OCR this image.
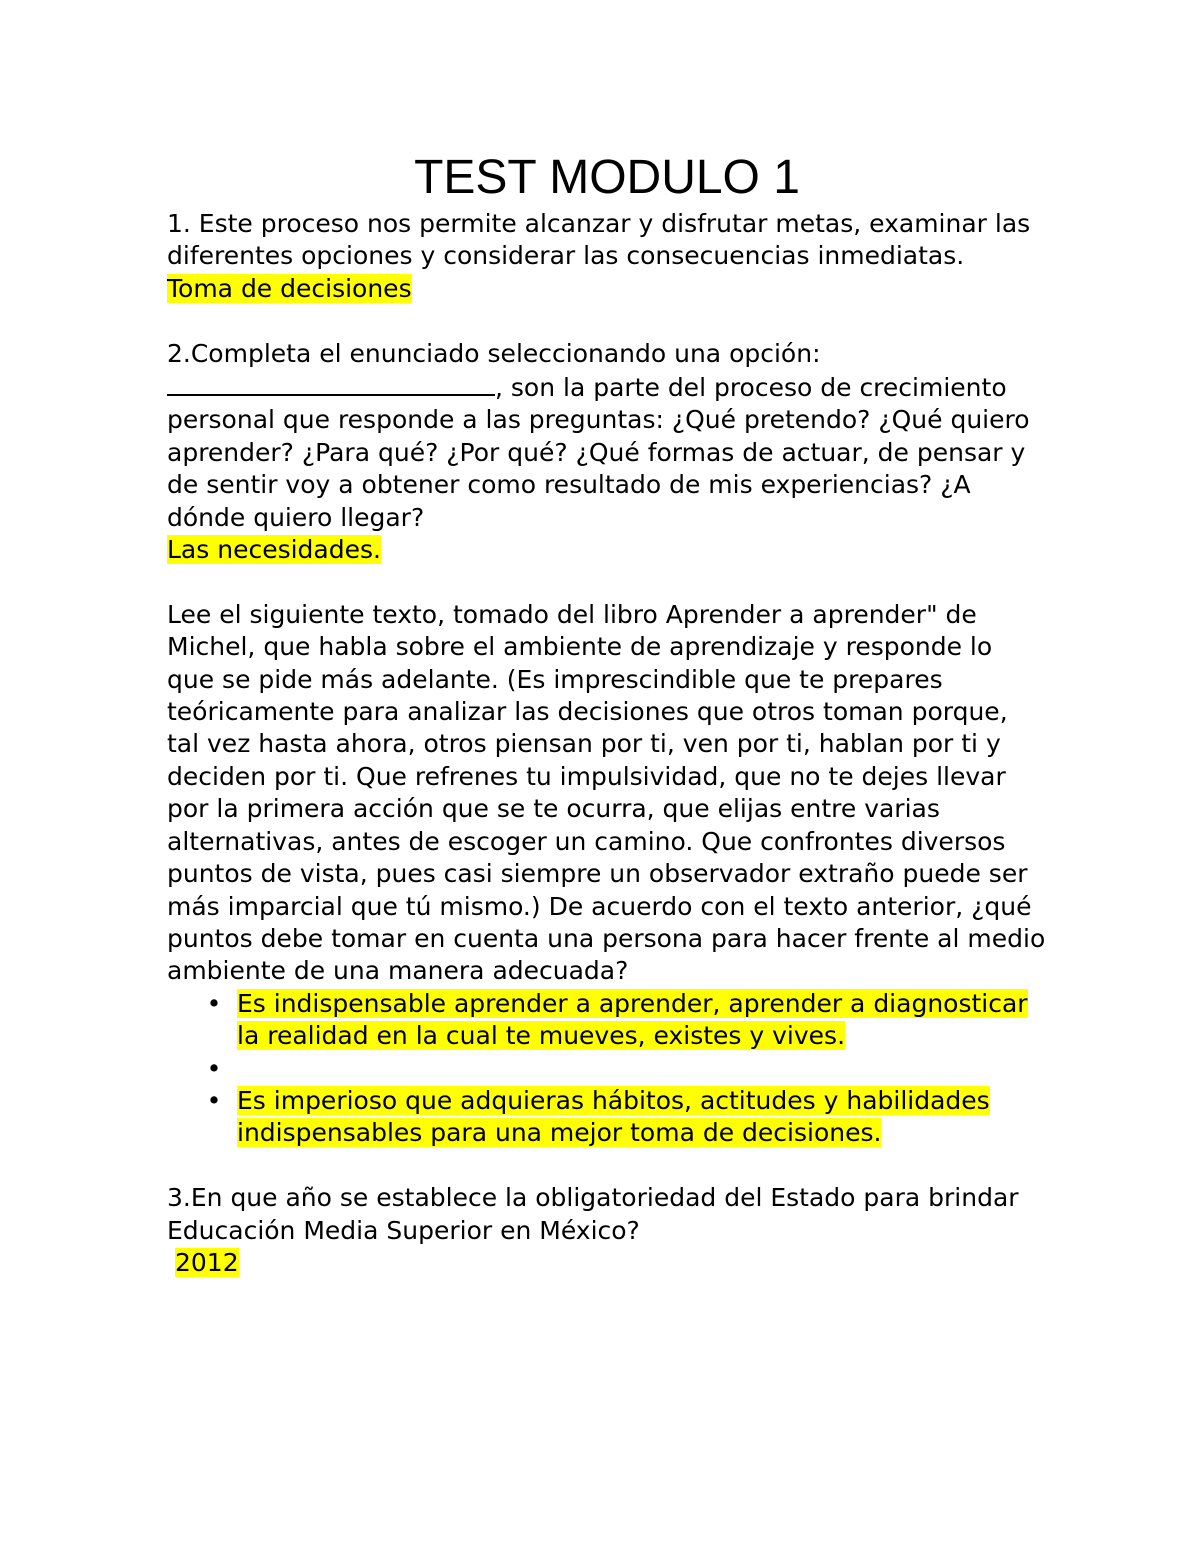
TEST MODULO 1

1. Este proceso nos permite alcanzar y disfrutar metas, examinar las diferentes opciones y considerar las consecuencias inmediatas.

Toma de decisiones

2.Completa el enunciado seleccionando una opción:

, son la parte del proceso de crecimiento personal que responde a las preguntas: ¿Qué pretendo? ¿Qué quiero aprender? ¿Para qué? ¿Por qué? ¿Qué formas de actuar, de pensar y de sentir voy a obtener como resultado de mis experiencias? ¿A dónde quiero llegar?

Las necesidades.

Lee el siguiente texto, tomado del libro Aprender a aprender" de Michel, que habla sobre el ambiente de aprendizaje y responde lo que se pide más adelante. (Es imprescindible que te prepares teóricamente para analizar las decisiones que otros toman porque, tal vez hasta ahora, otros piensan por ti, ven por ti, hablan por ti y deciden por ti. Que refrenes tu impulsividad, que no te dejes llevar por la primera acción que se te ocurra, que elijas entre varias alternativas, antes de escoger un camino. Que confrontes diversos puntos de vista, pues casi siempre un observador extraño puede ser más imparcial que tú mismo.) De acuerdo con el texto anterior, ¿qué puntos debe tomar en cuenta una persona para hacer frente al medio ambiente de una manera adecuada?

• Es indispensable aprender a aprender, aprender a diagnosticar la realidad en la cual te mueves, existes y vives.
•

• Es imperioso que adquieras hábitos, actitudes y habilidades indispensables para una mejor toma de decisiones.

3.En que año se establece la obligatoriedad del Estado para brindar Educación Media Superior en México?

2012
